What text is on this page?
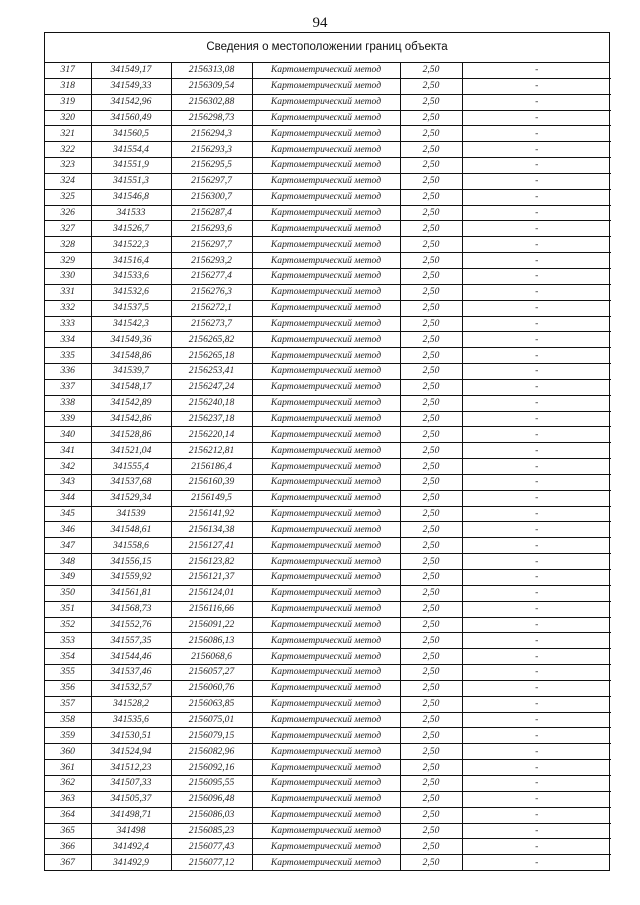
94
Сведения о местоположении границ объекта
317	341549,17	2156313,08	Картометрический метод	2,50	-
318	341549,33	2156309,54	Картометрический метод	2,50	-
319	341542,96	2156302,88	Картометрический метод	2,50	-
320	341560,49	2156298,73	Картометрический метод	2,50	-
321	341560,5	2156294,3	Картометрический метод	2,50	-
322	341554,4	2156293,3	Картометрический метод	2,50	-
323	341551,9	2156295,5	Картометрический метод	2,50	-
324	341551,3	2156297,7	Картометрический метод	2,50	-
325	341546,8	2156300,7	Картометрический метод	2,50	-
326	341533	2156287,4	Картометрический метод	2,50	-
327	341526,7	2156293,6	Картометрический метод	2,50	-
328	341522,3	2156297,7	Картометрический метод	2,50	-
329	341516,4	2156293,2	Картометрический метод	2,50	-
330	341533,6	2156277,4	Картометрический метод	2,50	-
331	341532,6	2156276,3	Картометрический метод	2,50	-
332	341537,5	2156272,1	Картометрический метод	2,50	-
333	341542,3	2156273,7	Картометрический метод	2,50	-
334	341549,36	2156265,82	Картометрический метод	2,50	-
335	341548,86	2156265,18	Картометрический метод	2,50	-
336	341539,7	2156253,41	Картометрический метод	2,50	-
337	341548,17	2156247,24	Картометрический метод	2,50	-
338	341542,89	2156240,18	Картометрический метод	2,50	-
339	341542,86	2156237,18	Картометрический метод	2,50	-
340	341528,86	2156220,14	Картометрический метод	2,50	-
341	341521,04	2156212,81	Картометрический метод	2,50	-
342	341555,4	2156186,4	Картометрический метод	2,50	-
343	341537,68	2156160,39	Картометрический метод	2,50	-
344	341529,34	2156149,5	Картометрический метод	2,50	-
345	341539	2156141,92	Картометрический метод	2,50	-
346	341548,61	2156134,38	Картометрический метод	2,50	-
347	341558,6	2156127,41	Картометрический метод	2,50	-
348	341556,15	2156123,82	Картометрический метод	2,50	-
349	341559,92	2156121,37	Картометрический метод	2,50	-
350	341561,81	2156124,01	Картометрический метод	2,50	-
351	341568,73	2156116,66	Картометрический метод	2,50	-
352	341552,76	2156091,22	Картометрический метод	2,50	-
353	341557,35	2156086,13	Картометрический метод	2,50	-
354	341544,46	2156068,6	Картометрический метод	2,50	-
355	341537,46	2156057,27	Картометрический метод	2,50	-
356	341532,57	2156060,76	Картометрический метод	2,50	-
357	341528,2	2156063,85	Картометрический метод	2,50	-
358	341535,6	2156075,01	Картометрический метод	2,50	-
359	341530,51	2156079,15	Картометрический метод	2,50	-
360	341524,94	2156082,96	Картометрический метод	2,50	-
361	341512,23	2156092,16	Картометрический метод	2,50	-
362	341507,33	2156095,55	Картометрический метод	2,50	-
363	341505,37	2156096,48	Картометрический метод	2,50	-
364	341498,71	2156086,03	Картометрический метод	2,50	-
365	341498	2156085,23	Картометрический метод	2,50	-
366	341492,4	2156077,43	Картометрический метод	2,50	-
367	341492,9	2156077,12	Картометрический метод	2,50	-
